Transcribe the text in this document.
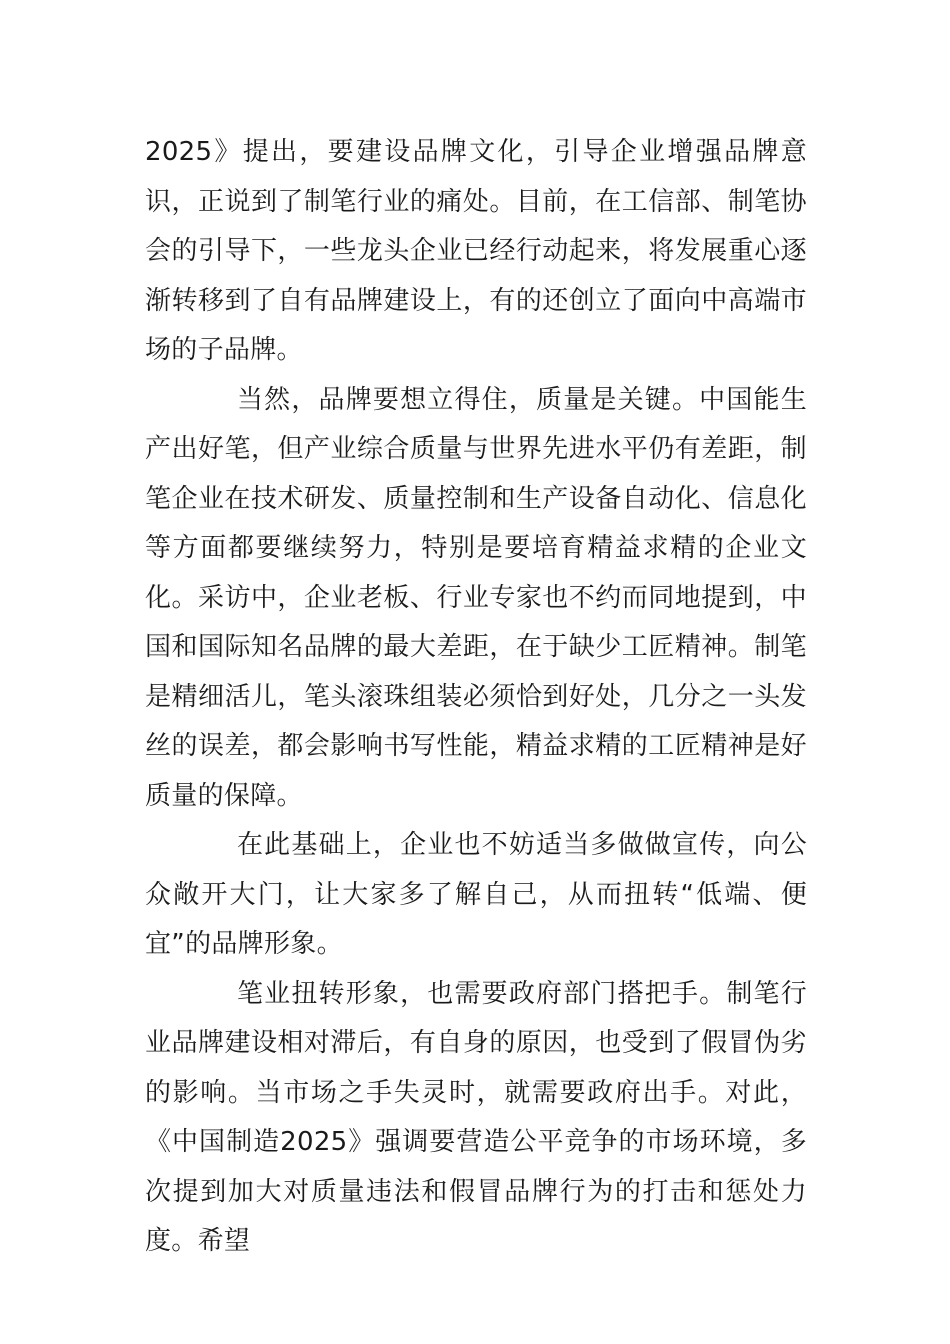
2025》提出，要建设品牌文化，引导企业增强品牌意识，正说到了制笔行业的痛处。目前，在工信部、制笔协会的引导下，一些龙头企业已经行动起来，将发展重心逐渐转移到了自有品牌建设上，有的还创立了面向中高端市场的子品牌。

当然，品牌要想立得住，质量是关键。中国能生产出好笔，但产业综合质量与世界先进水平仍有差距，制笔企业在技术研发、质量控制和生产设备自动化、信息化等方面都要继续努力，特别是要培育精益求精的企业文化。采访中，企业老板、行业专家也不约而同地提到，中国和国际知名品牌的最大差距，在于缺少工匠精神。制笔是精细活儿，笔头滚珠组装必须恰到好处，几分之一头发丝的误差，都会影响书写性能，精益求精的工匠精神是好质量的保障。

在此基础上，企业也不妨适当多做做宣传，向公众敞开大门，让大家多了解自己，从而扭转“低端、便宜”的品牌形象。

笔业扭转形象，也需要政府部门搭把手。制笔行业品牌建设相对滞后，有自身的原因，也受到了假冒伪劣的影响。当市场之手失灵时，就需要政府出手。对此，《中国制造2025》强调要营造公平竞争的市场环境，多次提到加大对质量违法和假冒品牌行为的打击和惩处力度。希望
